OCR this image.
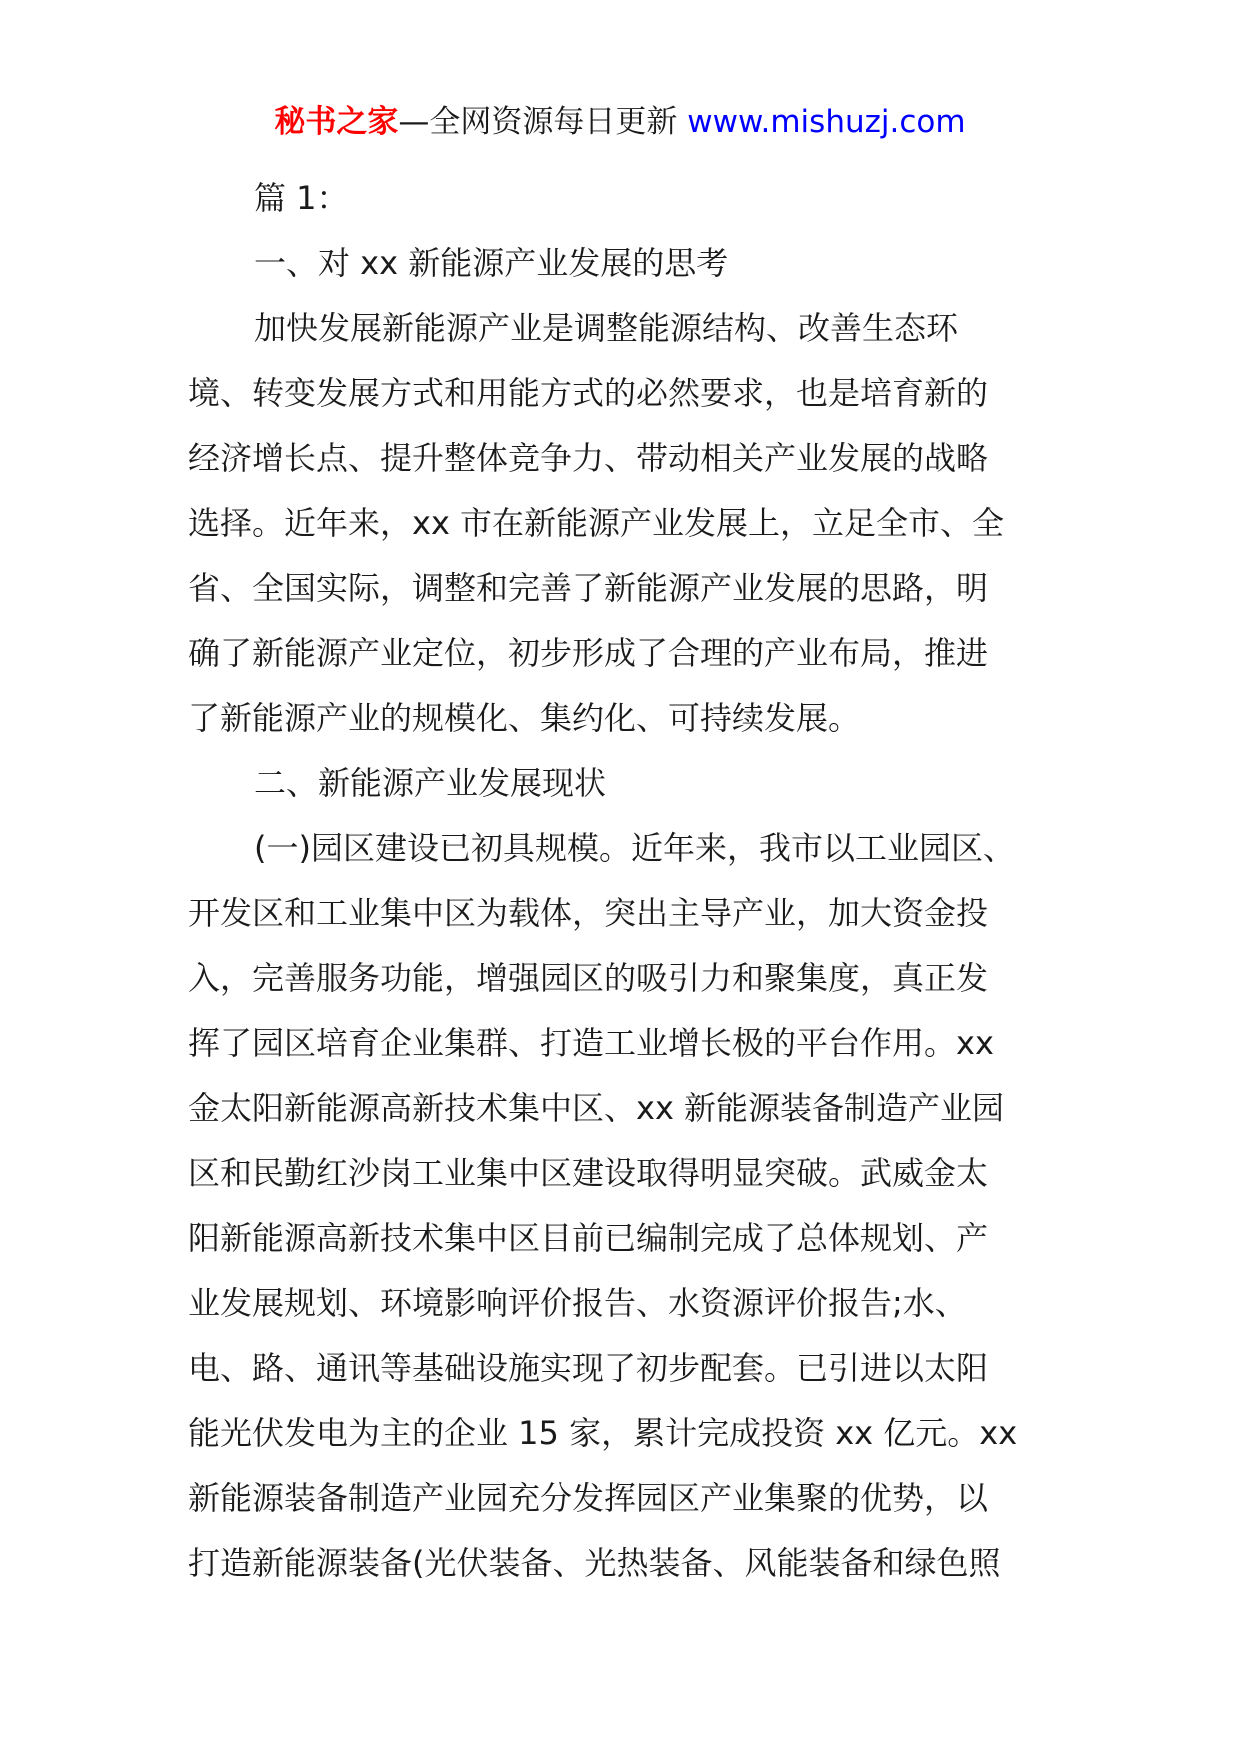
秘书之家—全网资源每日更新 www.mishuzj.com
篇 1：
一、对 xx 新能源产业发展的思考
加快发展新能源产业是调整能源结构、改善生态环
境、转变发展方式和用能方式的必然要求，也是培育新的
经济增长点、提升整体竞争力、带动相关产业发展的战略
选择。近年来，xx 市在新能源产业发展上，立足全市、全
省、全国实际，调整和完善了新能源产业发展的思路，明
确了新能源产业定位，初步形成了合理的产业布局，推进
了新能源产业的规模化、集约化、可持续发展。
二、新能源产业发展现状
(一)园区建设已初具规模。近年来，我市以工业园区、
开发区和工业集中区为载体，突出主导产业，加大资金投
入，完善服务功能，增强园区的吸引力和聚集度，真正发
挥了园区培育企业集群、打造工业增长极的平台作用。xx
金太阳新能源高新技术集中区、xx 新能源装备制造产业园
区和民勤红沙岗工业集中区建设取得明显突破。武威金太
阳新能源高新技术集中区目前已编制完成了总体规划、产
业发展规划、环境影响评价报告、水资源评价报告;水、
电、路、通讯等基础设施实现了初步配套。已引进以太阳
能光伏发电为主的企业 15 家，累计完成投资 xx 亿元。xx
新能源装备制造产业园充分发挥园区产业集聚的优势，以
打造新能源装备(光伏装备、光热装备、风能装备和绿色照
